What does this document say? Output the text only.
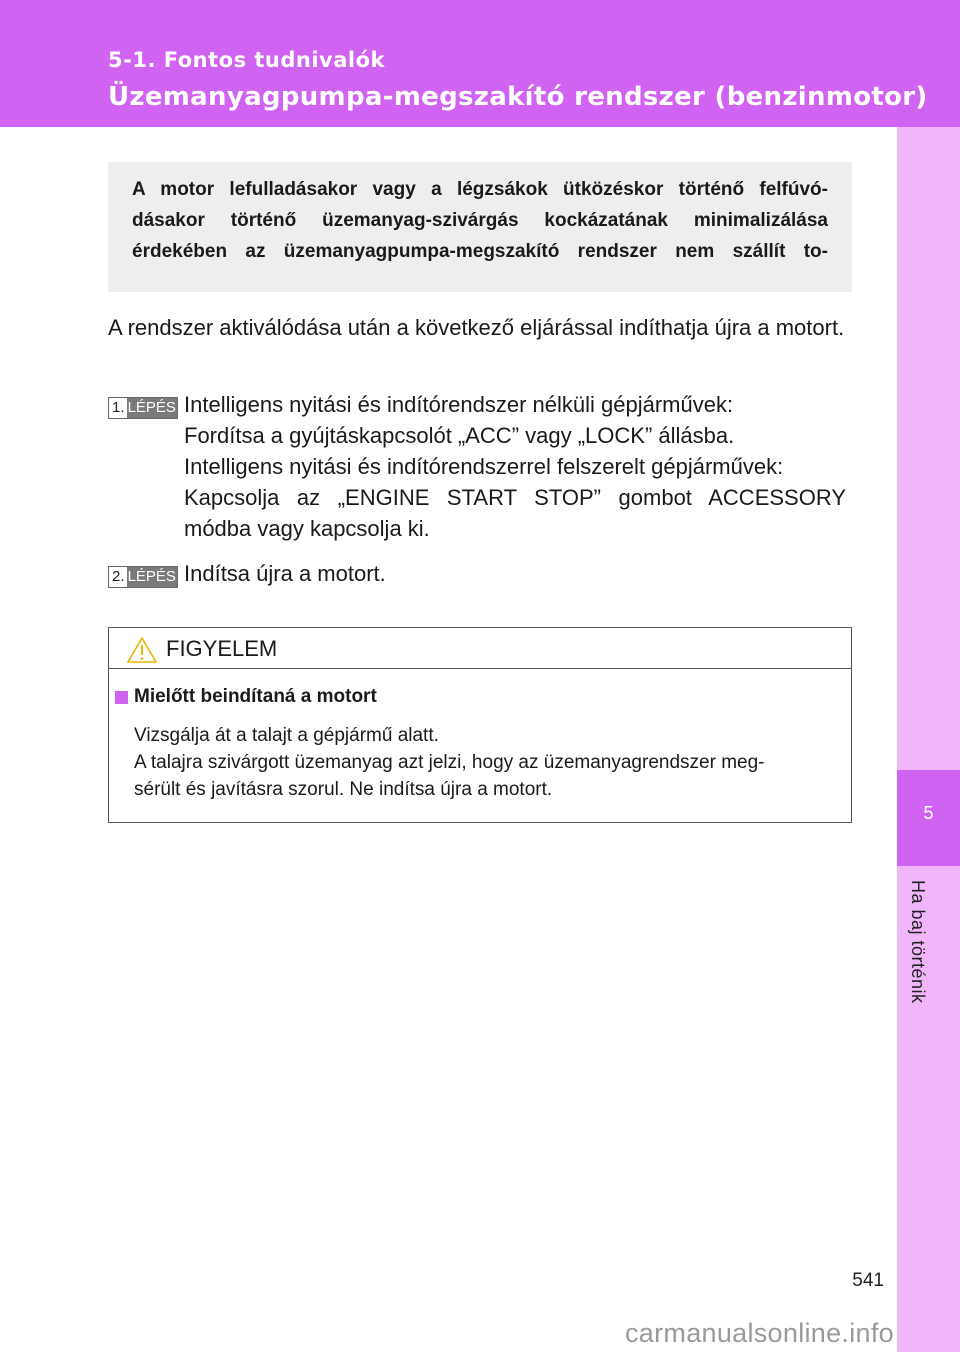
5-1. Fontos tudnivalók
Üzemanyagpumpa-megszakító rendszer (benzinmotor)
5
Ha baj történik

A motor lefulladásakor vagy a légzsákok ütközéskor történő felfúvó-

dásakor történő üzemanyag-szivárgás kockázatának minimalizálása

érdekében az üzemanyagpumpa-megszakító rendszer nem szállít to-

A rendszer aktiválódása után a következő eljárással indíthatja újra a motort.

1. LÉPÉS Intelligens nyitási és indítórendszer nélküli gépjárművek:
Fordítsa a gyújtáskapcsolót „ACC” vagy „LOCK” állásba.
Intelligens nyitási és indítórendszerrel felszerelt gépjárművek:
Kapcsolja az „ENGINE START STOP” gombot ACCESSORY
módba vagy kapcsolja ki.
2. LÉPÉS Indítsa újra a motort.
FIGYELEM
Mielőtt beindítaná a motort
Vizsgálja át a talajt a gépjármű alatt.
A talajra szivárgott üzemanyag azt jelzi, hogy az üzemanyagrendszer meg-
sérült és javításra szorul. Ne indítsa újra a motort.
541
carmanualsonline.info
